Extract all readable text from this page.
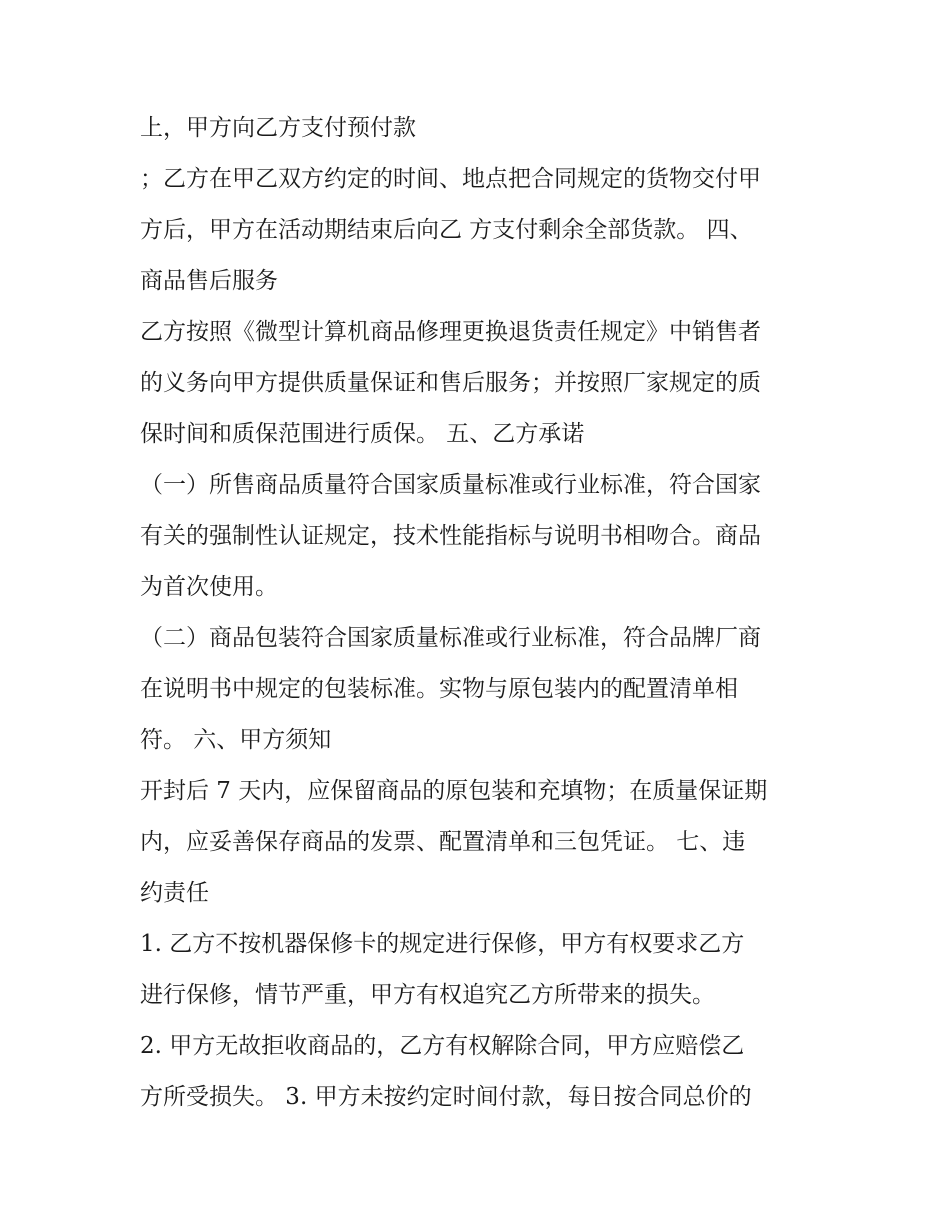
上，甲方向乙方支付预付款
；乙方在甲乙双方约定的时间、地点把合同规定的货物交付甲
方后，甲方在活动期结束后向乙 方支付剩余全部货款。 四、
商品售后服务
乙方按照《微型计算机商品修理更换退货责任规定》中销售者
的义务向甲方提供质量保证和售后服务；并按照厂家规定的质
保时间和质保范围进行质保。 五、乙方承诺
（一）所售商品质量符合国家质量标准或行业标准，符合国家
有关的强制性认证规定，技术性能指标与说明书相吻合。商品
为首次使用。
（二）商品包装符合国家质量标准或行业标准，符合品牌厂商
在说明书中规定的包装标准。实物与原包装内的配置清单相
符。 六、甲方须知
开封后 7 天内，应保留商品的原包装和充填物；在质量保证期
内，应妥善保存商品的发票、配置清单和三包凭证。 七、违
约责任
1. 乙方不按机器保修卡的规定进行保修，甲方有权要求乙方
进行保修，情节严重，甲方有权追究乙方所带来的损失。
2. 甲方无故拒收商品的，乙方有权解除合同，甲方应赔偿乙
方所受损失。 3. 甲方未按约定时间付款，每日按合同总价的
